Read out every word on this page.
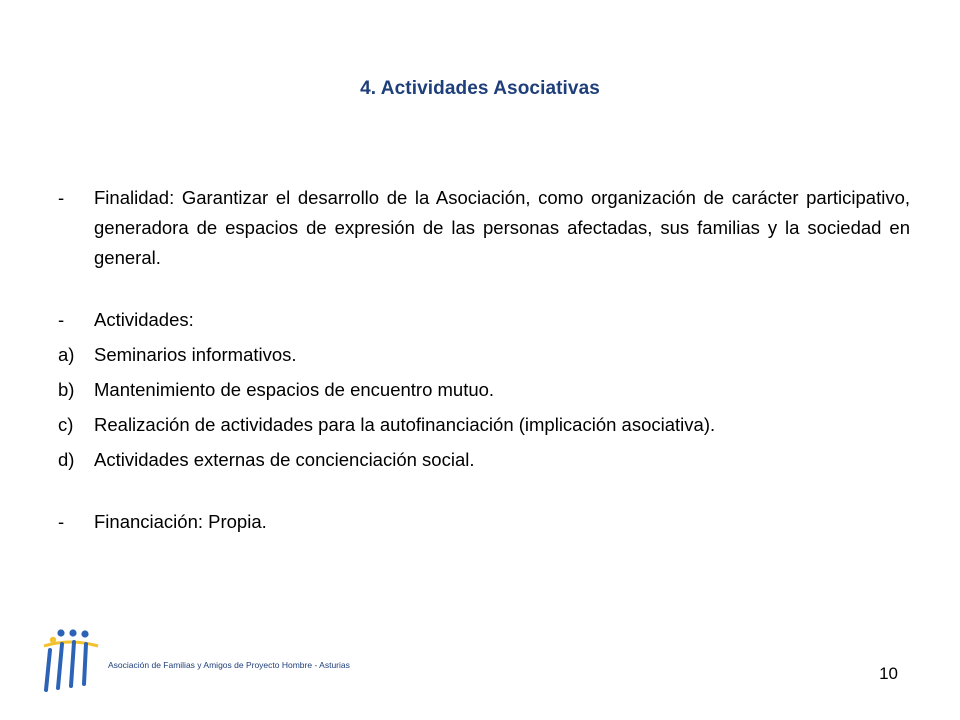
4. Actividades Asociativas
-	Finalidad: Garantizar el desarrollo de la Asociación, como organización de carácter participativo, generadora de espacios de expresión de las personas afectadas, sus familias y la sociedad en general.
-	Actividades:
a)	Seminarios informativos.
b)	Mantenimiento de espacios de encuentro mutuo.
c)	Realización de actividades para la autofinanciación (implicación asociativa).
d)	Actividades externas de concienciación social.
-	Financiación: Propia.
Asociación de Familias y Amigos de Proyecto Hombre - Asturias	10
